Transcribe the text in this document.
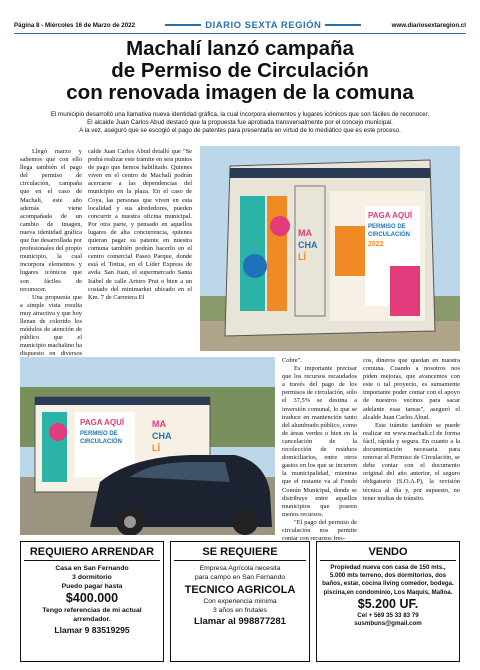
Página 8 - Miércoles 16 de Marzo de 2022	DIARIO SEXTA REGIÓN	www.diariosextaregion.cl
Machalí lanzó campaña
de Permiso de Circulación
con renovada imagen de la comuna
El municipio desarrolló una llamativa nueva identidad gráfica, la cual incorpora elementos y lugares icónicos que son fáciles de reconocer.
El alcalde Juan Carlos Abud destacó que la propuesta fue aprobada transversalmente por el concejo municipal.
A la vez, aseguró que se escogió el pago de patentes para presentarla en virtud de lo mediático que es este proceso.

Llegó marzo y sabemos que con ello llega también el pago del permiso de circulación, campaña que en el caso de Machalí, este año además viene acompañada de un cambio de imagen, nueva identidad gráfica que fue desarrollada por profesionales del propio municipio, la cual incorpora elementos y lugares icónicos que son fáciles de reconocer.

Una propuesta que a simple vista resulta muy atractiva y que hoy llenan de colorido los módulos de atención de público que el municipio machalino ha dispuesto en diversos

calde Juan Carlos Abud detalló que "Se podrá realizar este trámite en seis puntos de pago que hemos habilitado. Quienes viven en el centro de Machalí podrán acercarse a las dependencias del municipio en la plaza. En el caso de Coya, las personas que viven en esta localidad y sus alrededores, pueden concurrir a nuestra oficina municipal. Por otra parte, y pensado en aquellos lugares de alta concurrencia, quienes quieran pagar su patente en nuestra comuna también podrán hacerlo en el centro comercial Paseo Parque, donde está el Tottus, en el Líder Express de avda. San Juan, el supermercado Santa Isabel de calle Arturo Prat o bien a un costado del minimarket ubicado en el Km. 7 de Carretera El

PAGA AQUÍ
PERMISO DE
CIRCULACIÓN
2022
MA
CHA
LÍ
PAGA AQUÍ
PERMISO DE
CIRCULACIÓN
MA
CHA
LÍ

Cobre".

Es importante precisar que los recursos recaudados a través del pago de los permisos de circulación, sólo el 37,5% se destina a inversión comunal, lo que se traduce en mantención tanto del alumbrado público, como de áreas verdes o bien en la cancelación de la recolección de residuos domiciliarios, entre otros gastos en los que se incurren la municipalidad, mientras que el restante va al Fondo Común Municipal, donde se distribuye entre aquellos municipios que poseen menos recursos.

"El pago del permiso de circulación nos permite contar con recursos fres-

cos, dineros que quedan en nuestra comuna. Cuando a nosotros nos piden mejoras, que avancemos con este o tal proyecto, es sumamente importante poder contar con el apoyo de nuestros vecinos para sacar adelante esas tareas", aseguró el alcalde Juan Carlos Abud.

Este trámite también se puede realizar en www.machali.cl de forma fácil, rápida y segura. En cuanto a la documentación necesaria para renovar el Permiso de Circulación, se debe contar con el documento original del año anterior, el seguro obligatorio (S.O.A.P), la revisión técnica al día y, por supuesto, no tener multas de tránsito.

REQUIERO ARRENDAR
Casa en San Fernando
3 dormitorio
Puedo pagar hasta
$400.000
Tengo referencias de mi actual arrendador.
Llamar 9 83519295
SE REQUIERE
Empresa Agrícola necesita
para campo en San Fernando
TECNICO AGRICOLA
Con experiencia mínima
3 años en frutales
Llamar al 998877281
VENDO
Propiedad nueva con casa de 150 mts.,
5.000 mts terreno, dos dormitorios, dos
baños, estar, cocina living comedor, bodega.
piscina,en condominio, Los Maquis, Malloa.
$5.200 UF.
Cel + 569 35 33 83 79
susmbuns@gmail.com
